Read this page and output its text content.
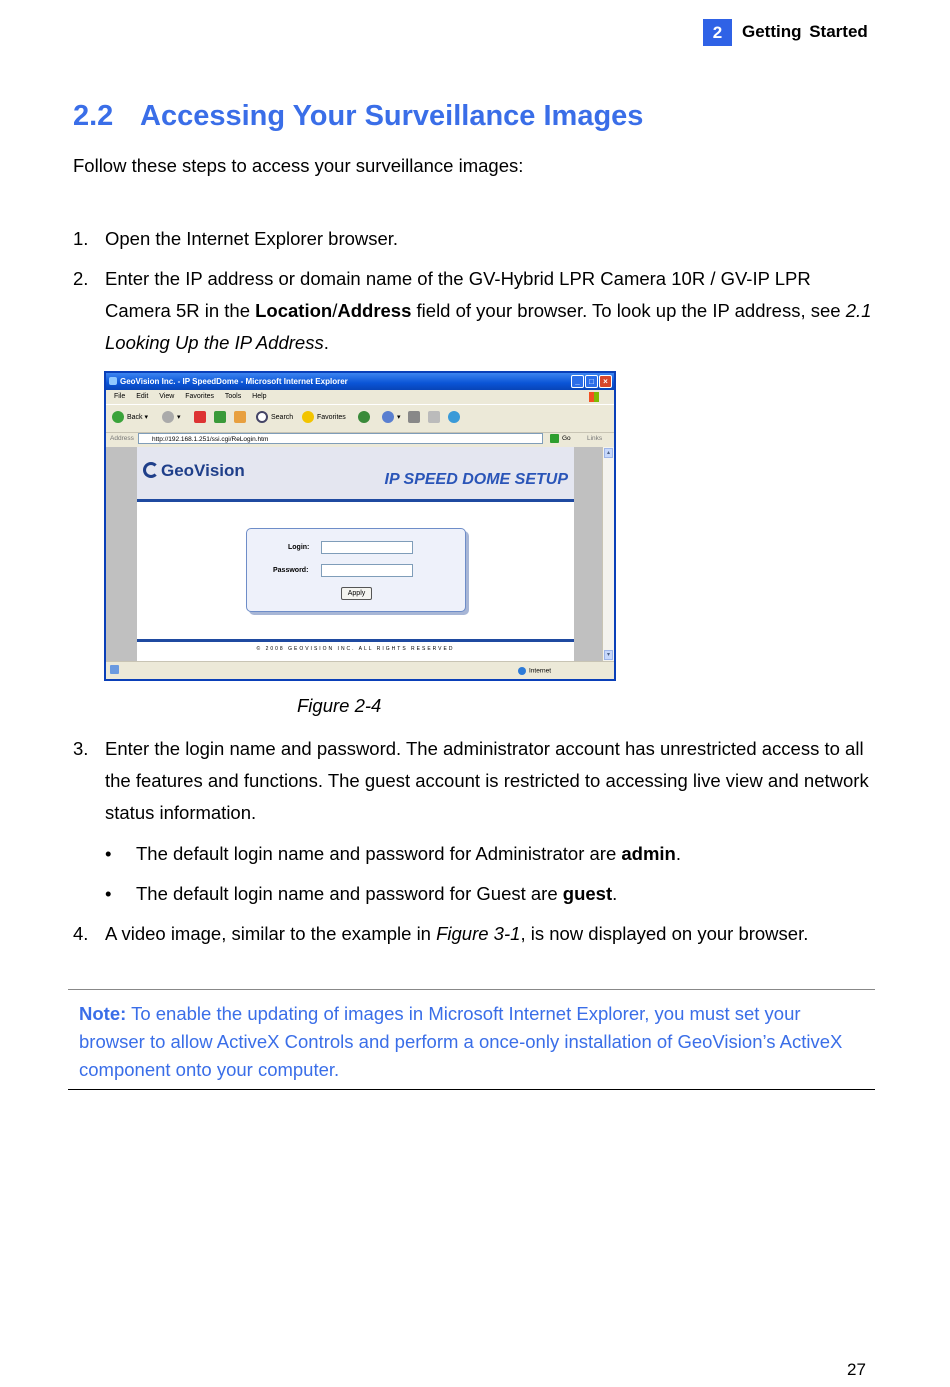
2	Getting Started
2.2 Accessing Your Surveillance Images
Follow these steps to access your surveillance images:
1. Open the Internet Explorer browser.
2. Enter the IP address or domain name of the GV-Hybrid LPR Camera 10R / GV-IP LPR Camera 5R in the Location/Address field of your browser. To look up the IP address, see 2.1 Looking Up the IP Address.
GeoVision Inc. - IP SpeedDome - Microsoft Internet Explorer	_	□	×
File Edit View Favorites Tools Help
Back ▾	▾	Search	Favorites	▾
Address	http://192.168.1.251/ssi.cgi/ReLogin.htm	Go	Links
GeoVision	IP SPEED DOME SETUP
Login:
Password:
Apply
© 2008 GEOVISION INC. ALL RIGHTS RESERVED
▴
▾
Internet
Figure 2-4
3. Enter the login name and password. The administrator account has unrestricted access to all the features and functions. The guest account is restricted to accessing live view and network status information.
• The default login name and password for Administrator are admin.
• The default login name and password for Guest are guest.
4. A video image, similar to the example in Figure 3-1, is now displayed on your browser.

Note: To enable the updating of images in Microsoft Internet Explorer, you must set your browser to allow ActiveX Controls and perform a once-only installation of GeoVision’s ActiveX component onto your computer.

27
